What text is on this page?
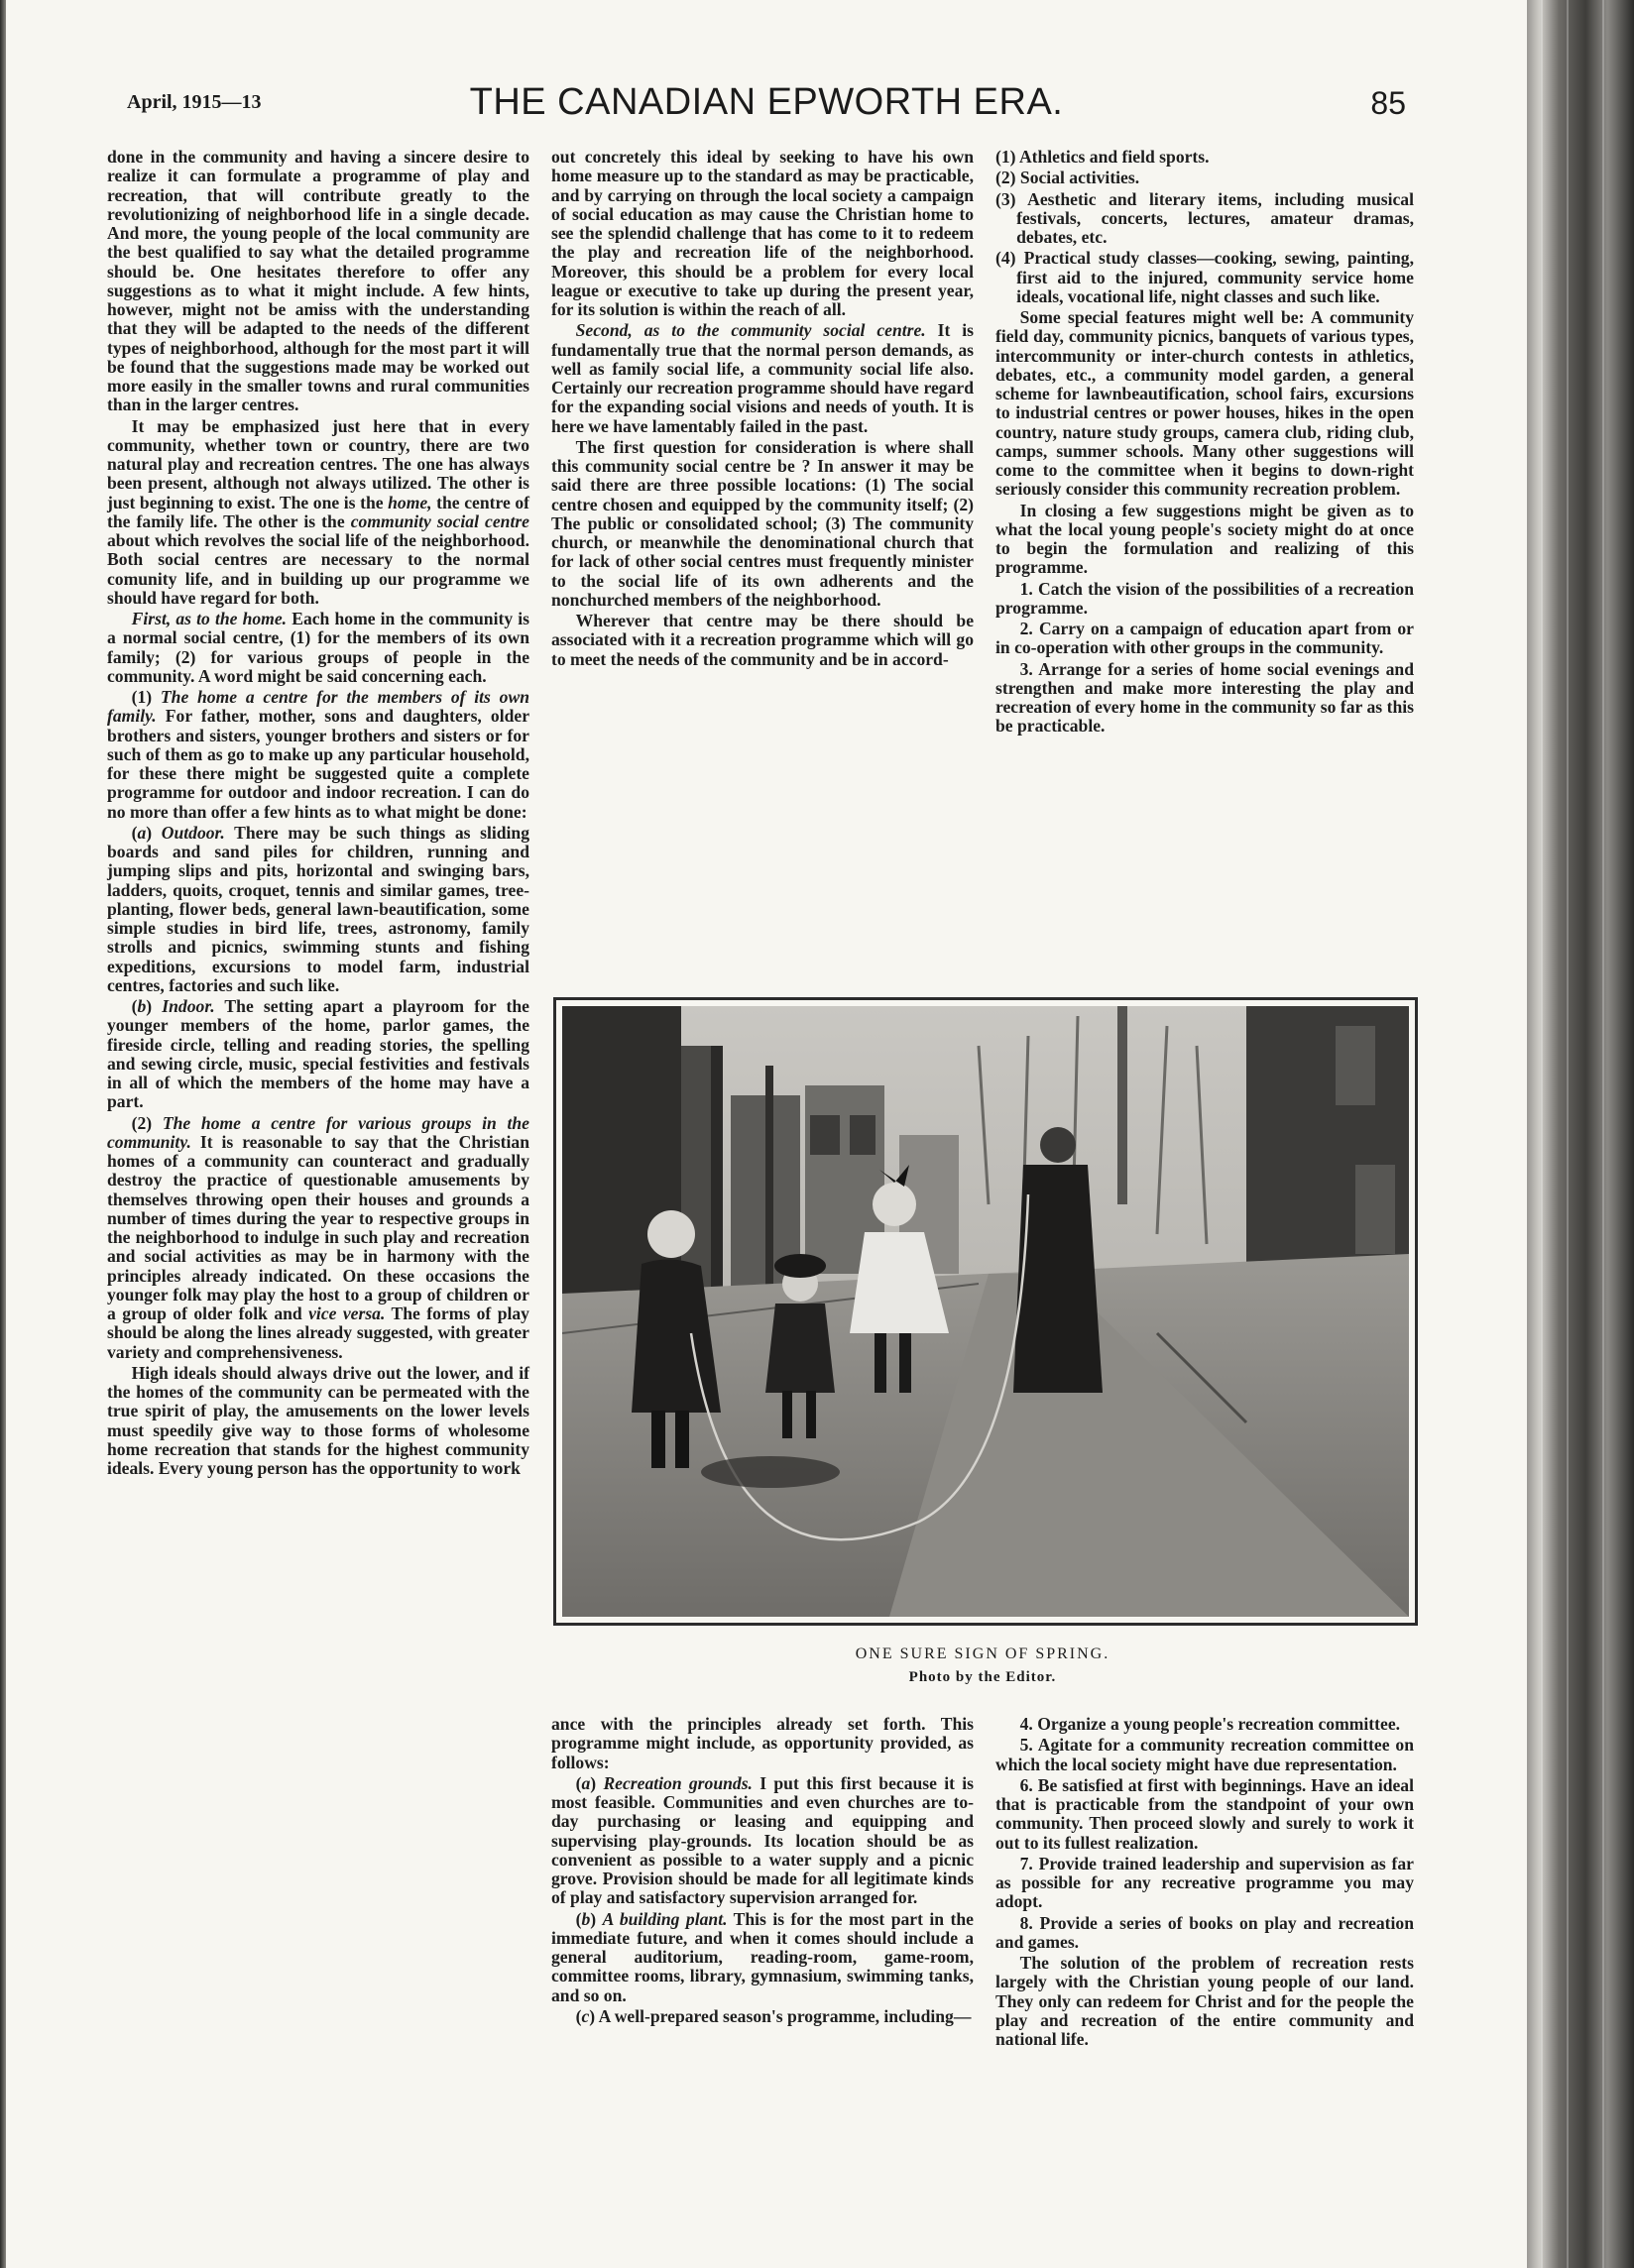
April, 1915—13	THE CANADIAN EPWORTH ERA.	85

done in the community and having a sincere desire to realize it can formulate a programme of play and recreation, that will contribute greatly to the revolutionizing of neighborhood life in a single decade. And more, the young people of the local community are the best qualified to say what the detailed programme should be. One hesitates therefore to offer any suggestions as to what it might include. A few hints, however, might not be amiss with the understanding that they will be adapted to the needs of the different types of neighborhood, although for the most part it will be found that the suggestions made may be worked out more easily in the smaller towns and rural communities than in the larger centres.

It may be emphasized just here that in every community, whether town or country, there are two natural play and recreation centres. The one has always been present, although not always utilized. The other is just beginning to exist. The one is the home, the centre of the family life. The other is the community social centre about which revolves the social life of the neighborhood. Both social centres are necessary to the normal comunity life, and in building up our programme we should have regard for both.

First, as to the home. Each home in the community is a normal social centre, (1) for the members of its own family; (2) for various groups of people in the community. A word might be said concerning each.

(1) The home a centre for the members of its own family. For father, mother, sons and daughters, older brothers and sisters, younger brothers and sisters or for such of them as go to make up any particular household, for these there might be suggested quite a complete programme for outdoor and indoor recreation. I can do no more than offer a few hints as to what might be done:

(a) Outdoor. There may be such things as sliding boards and sand piles for children, running and jumping slips and pits, horizontal and swinging bars, ladders, quoits, croquet, tennis and similar games, tree-planting, flower beds, general lawn-beautification, some simple studies in bird life, trees, astronomy, family strolls and picnics, swimming stunts and fishing expeditions, excursions to model farm, industrial centres, factories and such like.

(b) Indoor. The setting apart a playroom for the younger members of the home, parlor games, the fireside circle, telling and reading stories, the spelling and sewing circle, music, special festivities and festivals in all of which the members of the home may have a part.

(2) The home a centre for various groups in the community. It is reasonable to say that the Christian homes of a community can counteract and gradually destroy the practice of questionable amusements by themselves throwing open their houses and grounds a number of times during the year to respective groups in the neighborhood to indulge in such play and recreation and social activities as may be in harmony with the principles already indicated. On these occasions the younger folk may play the host to a group of children or a group of older folk and vice versa. The forms of play should be along the lines already suggested, with greater variety and comprehensiveness.

High ideals should always drive out the lower, and if the homes of the community can be permeated with the true spirit of play, the amusements on the lower levels must speedily give way to those forms of wholesome home recreation that stands for the highest community ideals. Every young person has the opportunity to work

out concretely this ideal by seeking to have his own home measure up to the standard as may be practicable, and by carrying on through the local society a campaign of social education as may cause the Christian home to see the splendid challenge that has come to it to redeem the play and recreation life of the neighborhood. Moreover, this should be a problem for every local league or executive to take up during the present year, for its solution is within the reach of all.

Second, as to the community social centre. It is fundamentally true that the normal person demands, as well as family social life, a community social life also. Certainly our recreation programme should have regard for the expanding social visions and needs of youth. It is here we have lamentably failed in the past.

The first question for consideration is where shall this community social centre be ? In answer it may be said there are three possible locations: (1) The social centre chosen and equipped by the community itself; (2) The public or consolidated school; (3) The community church, or meanwhile the denominational church that for lack of other social centres must frequently minister to the social life of its own adherents and the nonchurched members of the neighborhood.

Wherever that centre may be there should be associated with it a recreation programme which will go to meet the needs of the community and be in accord-

(1) Athletics and field sports.

(2) Social activities.

(3) Aesthetic and literary items, including musical festivals, concerts, lectures, amateur dramas, debates, etc.

(4) Practical study classes—cooking, sewing, painting, first aid to the injured, community service home ideals, vocational life, night classes and such like.

Some special features might well be: A community field day, community picnics, banquets of various types, intercommunity or inter-church contests in athletics, debates, etc., a community model garden, a general scheme for lawnbeautification, school fairs, excursions to industrial centres or power houses, hikes in the open country, nature study groups, camera club, riding club, camps, summer schools. Many other suggestions will come to the committee when it begins to down-right seriously consider this community recreation problem.

In closing a few suggestions might be given as to what the local young people's society might do at once to begin the formulation and realizing of this programme.

1. Catch the vision of the possibilities of a recreation programme.

2. Carry on a campaign of education apart from or in co-operation with other groups in the community.

3. Arrange for a series of home social evenings and strengthen and make more interesting the play and recreation of every home in the community so far as this be practicable.

ONE SURE SIGN OF SPRING.
Photo by the Editor.

ance with the principles already set forth. This programme might include, as opportunity provided, as follows:

(a) Recreation grounds. I put this first because it is most feasible. Communities and even churches are to-day purchasing or leasing and equipping and supervising play-grounds. Its location should be as convenient as possible to a water supply and a picnic grove. Provision should be made for all legitimate kinds of play and satisfactory supervision arranged for.

(b) A building plant. This is for the most part in the immediate future, and when it comes should include a general auditorium, reading-room, game-room, committee rooms, library, gymnasium, swimming tanks, and so on.

(c) A well-prepared season's programme, including—

4. Organize a young people's recreation committee.

5. Agitate for a community recreation committee on which the local society might have due representation.

6. Be satisfied at first with beginnings. Have an ideal that is practicable from the standpoint of your own community. Then proceed slowly and surely to work it out to its fullest realization.

7. Provide trained leadership and supervision as far as possible for any recreative programme you may adopt.

8. Provide a series of books on play and recreation and games.

The solution of the problem of recreation rests largely with the Christian young people of our land. They only can redeem for Christ and for the people the play and recreation of the entire community and national life.
